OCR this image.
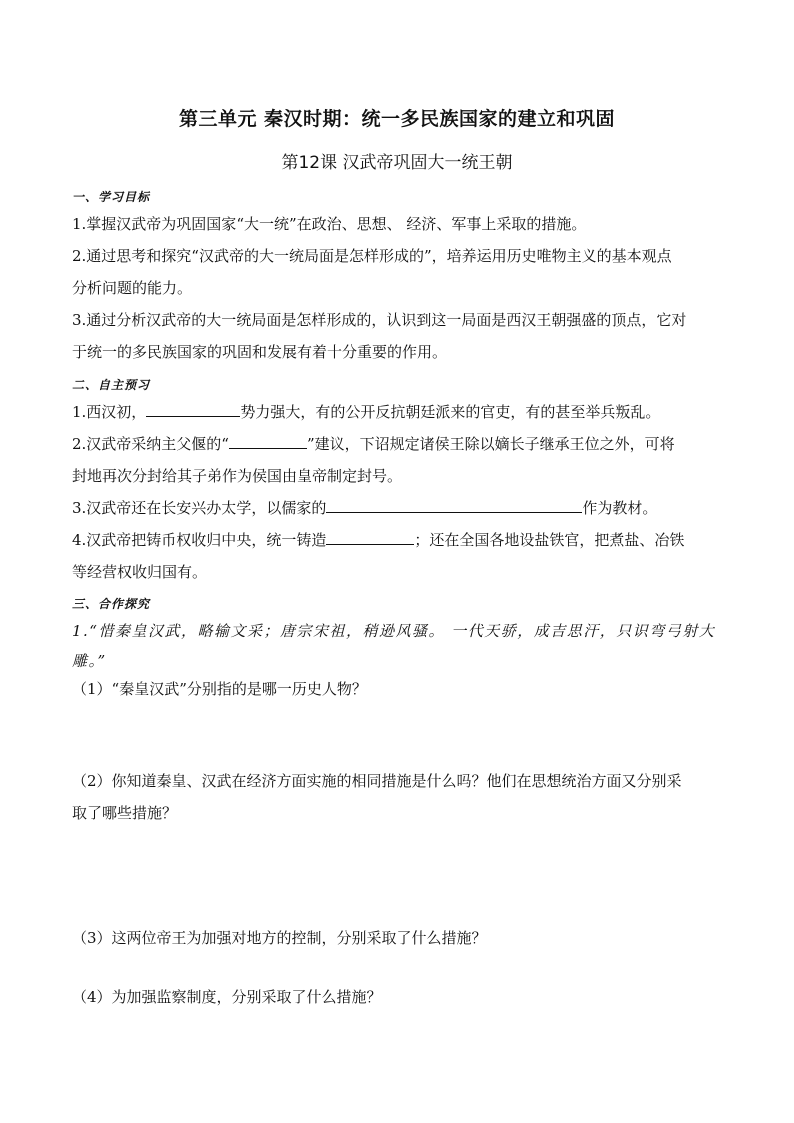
第三单元 秦汉时期：统一多民族国家的建立和巩固
第12课 汉武帝巩固大一统王朝
一、学习目标
1.掌握汉武帝为巩固国家“大一统”在政治、思想、 经济、军事上采取的措施。
2.通过思考和探究“汉武帝的大一统局面是怎样形成的”，培养运用历史唯物主义的基本观点
分析问题的能力。
3.通过分析汉武帝的大一统局面是怎样形成的，认识到这一局面是西汉王朝强盛的顶点，它对
于统一的多民族国家的巩固和发展有着十分重要的作用。
二、自主预习
1.西汉初，	势力强大，有的公开反抗朝廷派来的官吏，有的甚至举兵叛乱。
2.汉武帝采纳主父偃的“	”建议，下诏规定诸侯王除以嫡长子继承王位之外，可将
封地再次分封给其子弟作为侯国由皇帝制定封号。
3.汉武帝还在长安兴办太学，以儒家的	作为教材。
4.汉武帝把铸币权收归中央，统一铸造	；还在全国各地设盐铁官，把煮盐、冶铁
等经营权收归国有。
三、合作探究
1.“惜秦皇汉武，略输文采；唐宗宋祖，稍逊风骚。 一代天骄，成吉思汗，只识弯弓射大
雕。”
（1）“秦皇汉武”分别指的是哪一历史人物？
（2）你知道秦皇、汉武在经济方面实施的相同措施是什么吗？他们在思想统治方面又分别采
取了哪些措施？
（3）这两位帝王为加强对地方的控制，分别采取了什么措施？
（4）为加强监察制度，分别采取了什么措施？
